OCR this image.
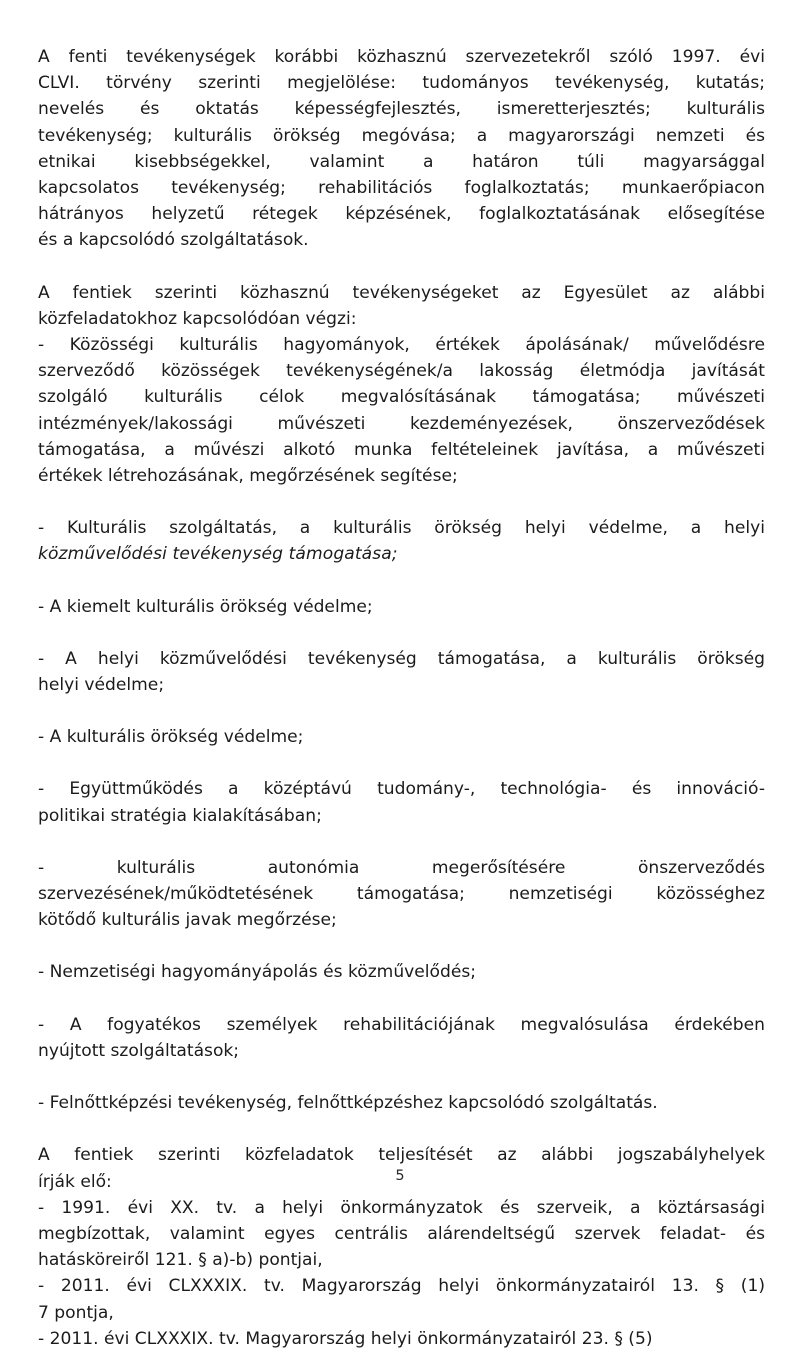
A fenti tevékenységek korábbi közhasznú szervezetekről szóló 1997. évi
CLVI. törvény szerinti megjelölése: tudományos tevékenység, kutatás;
nevelés és oktatás képességfejlesztés, ismeretterjesztés; kulturális
tevékenység; kulturális örökség megóvása; a magyarországi nemzeti és
etnikai kisebbségekkel, valamint a határon túli magyarsággal
kapcsolatos tevékenység; rehabilitációs foglalkoztatás; munkaerőpiacon
hátrányos helyzetű rétegek képzésének, foglalkoztatásának elősegítése
és a kapcsolódó szolgáltatások.
A fentiek szerinti közhasznú tevékenységeket az Egyesület az alábbi
közfeladatokhoz kapcsolódóan végzi:
- Közösségi kulturális hagyományok, értékek ápolásának/ művelődésre
szerveződő közösségek tevékenységének/a lakosság életmódja javítását
szolgáló kulturális célok megvalósításának támogatása; művészeti
intézmények/lakossági művészeti kezdeményezések, önszerveződések
támogatása, a művészi alkotó munka feltételeinek javítása, a művészeti
értékek létrehozásának, megőrzésének segítése;
- Kulturális szolgáltatás, a kulturális örökség helyi védelme, a helyi
közművelődési tevékenység támogatása;
- A kiemelt kulturális örökség védelme;
- A helyi közművelődési tevékenység támogatása, a kulturális örökség
helyi védelme;
- A kulturális örökség védelme;
- Együttműködés a középtávú tudomány-, technológia- és innováció-
politikai stratégia kialakításában;
- kulturális autonómia megerősítésére önszerveződés
szervezésének/működtetésének támogatása; nemzetiségi közösséghez
kötődő kulturális javak megőrzése;
- Nemzetiségi hagyományápolás és közművelődés;
- A fogyatékos személyek rehabilitációjának megvalósulása érdekében
nyújtott szolgáltatások;
- Felnőttképzési tevékenység, felnőttképzéshez kapcsolódó szolgáltatás.
A fentiek szerinti közfeladatok teljesítését az alábbi jogszabályhelyek
írják elő:
- 1991. évi XX. tv. a helyi önkormányzatok és szerveik, a köztársasági
megbízottak, valamint egyes centrális alárendeltségű szervek feladat- és
hatásköreiről 121. § a)-b) pontjai,
- 2011. évi CLXXXIX. tv. Magyarország helyi önkormányzatairól 13. § (1)
7 pontja,
- 2011. évi CLXXXIX. tv. Magyarország helyi önkormányzatairól 23. § (5)
5
